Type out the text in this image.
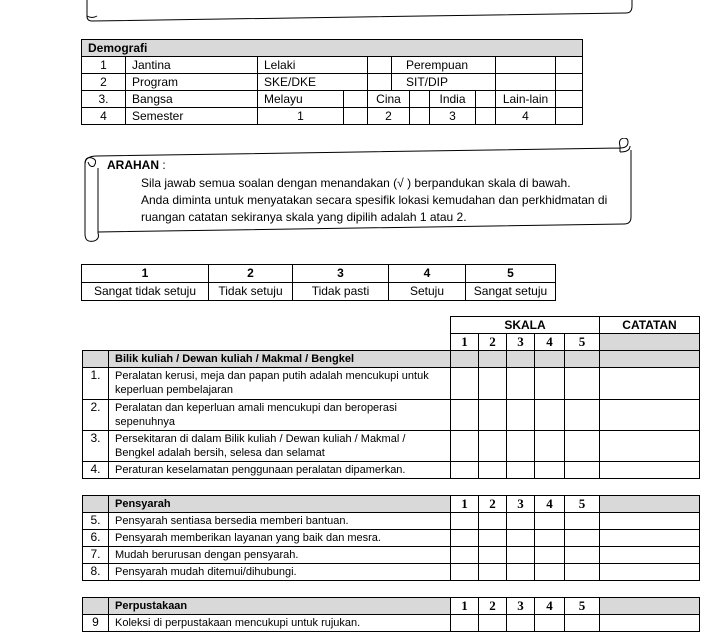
Demografi										
1	Jantina	Lelaki			Perempuan					
2	Program	SKE/DKE			SIT/DIP					
3.	Bangsa	Melayu		Cina			India		Lain-lain	
4	Semester	1		2			3		4	
ARAHAN :
Sila jawab semua soalan dengan menandakan (√ ) berpandukan skala di bawah.
Anda diminta untuk menyatakan secara spesifik lokasi kemudahan dan perkhidmatan di
ruangan catatan sekiranya skala yang dipilih adalah 1 atau 2.
1	2	3	4	5
Sangat tidak setuju	Tidak setuju	Tidak pasti	Setuju	Sangat setuju
		SKALA					CATATAN
		1	2	3	4	5	
	Bilik kuliah / Dewan kuliah / Makmal / Bengkel						
1.	Peralatan kerusi, meja dan papan putih adalah mencukupi untuk keperluan pembelajaran						
2.	Peralatan dan keperluan amali mencukupi dan beroperasi sepenuhnya						
3.	Persekitaran di dalam Bilik kuliah / Dewan kuliah / Makmal / Bengkel adalah bersih, selesa dan selamat						
4.	Peraturan keselamatan penggunaan peralatan dipamerkan.						

	Pensyarah	1	2	3	4	5	
5.	Pensyarah sentiasa bersedia memberi bantuan.						
6.	Pensyarah memberikan layanan yang baik dan mesra.						
7.	Mudah berurusan dengan pensyarah.						
8.	Pensyarah mudah ditemui/dihubungi.						

	Perpustakaan	1	2	3	4	5	
9	Koleksi di perpustakaan mencukupi untuk rujukan.						
